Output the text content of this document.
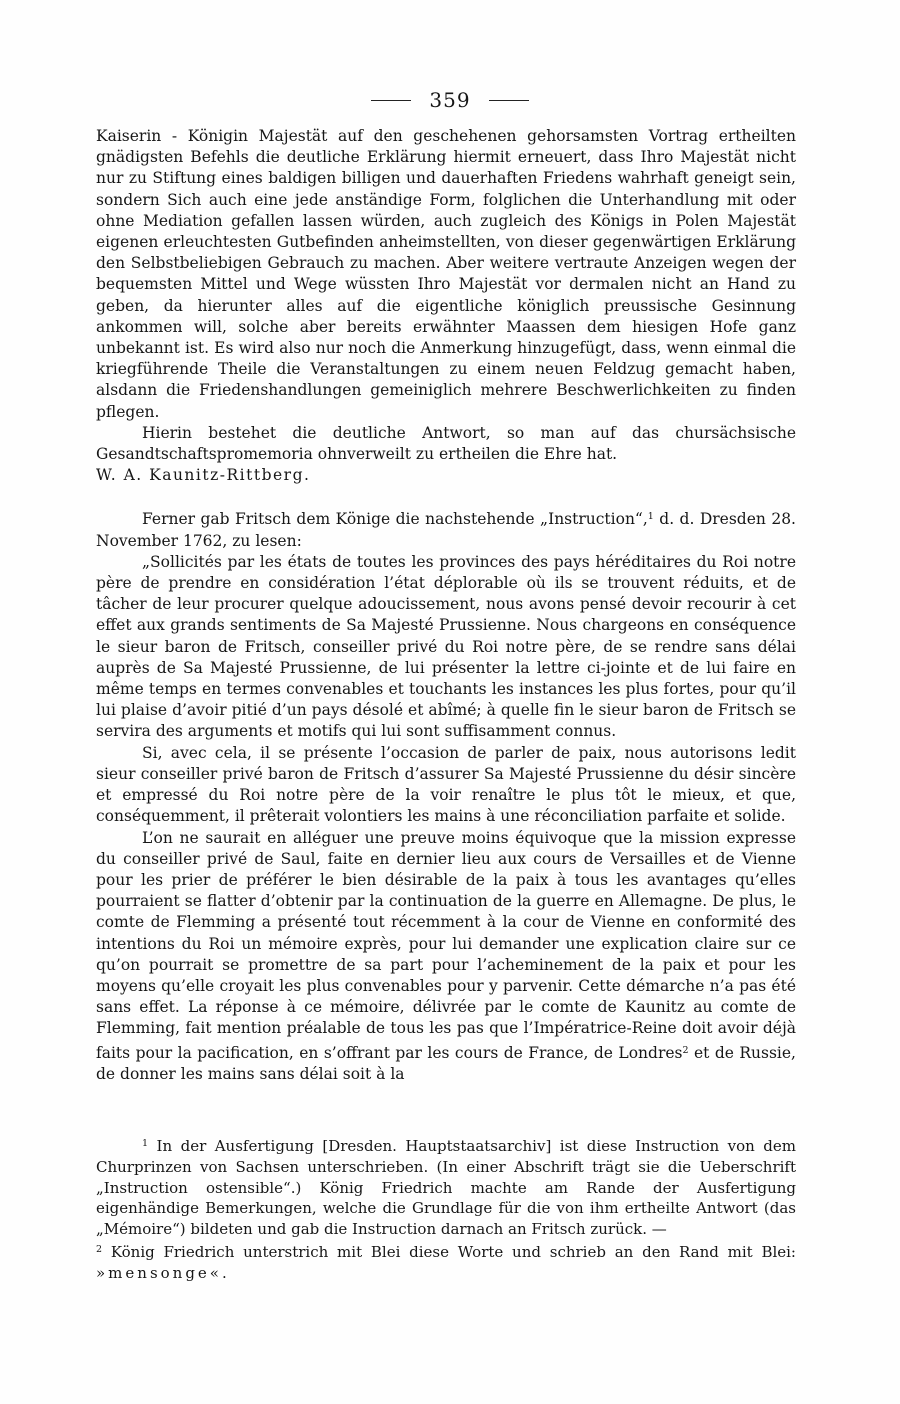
359

Kaiserin - Königin Majestät auf den geschehenen gehorsamsten Vortrag ertheilten gnädigsten Befehls die deutliche Erklärung hiermit erneuert, dass Ihro Majestät nicht nur zu Stiftung eines baldigen billigen und dauerhaften Friedens wahrhaft geneigt sein, sondern Sich auch eine jede anständige Form, folglichen die Unterhandlung mit oder ohne Mediation gefallen lassen würden, auch zugleich des Königs in Polen Majestät eigenen erleuchtesten Gutbefinden anheimstellten, von dieser gegenwärtigen Erklärung den Selbstbeliebigen Gebrauch zu machen. Aber weitere vertraute Anzeigen wegen der bequemsten Mittel und Wege wüssten Ihro Majestät vor dermalen nicht an Hand zu geben, da hierunter alles auf die eigentliche königlich preussische Gesinnung ankommen will, solche aber bereits erwähnter Maassen dem hiesigen Hofe ganz unbekannt ist. Es wird also nur noch die Anmerkung hinzugefügt, dass, wenn einmal die kriegführende Theile die Veranstaltungen zu einem neuen Feldzug gemacht haben, alsdann die Friedenshandlungen gemeiniglich mehrere Beschwerlichkeiten zu finden pflegen.

Hierin bestehet die deutliche Antwort, so man auf das chursächsische Gesandtschaftspromemoria ohnverweilt zu ertheilen die Ehre hat.

W. A. Kaunitz-Rittberg.

Ferner gab Fritsch dem Könige die nachstehende „Instruction“,$^1$ d. d. Dresden 28. November 1762, zu lesen:

„Sollicités par les états de toutes les provinces des pays héréditaires du Roi notre père de prendre en considération l’état déplorable où ils se trouvent réduits, et de tâcher de leur procurer quelque adoucissement, nous avons pensé devoir recourir à cet effet aux grands sentiments de Sa Majesté Prussienne. Nous chargeons en conséquence le sieur baron de Fritsch, conseiller privé du Roi notre père, de se rendre sans délai auprès de Sa Majesté Prussienne, de lui présenter la lettre ci-jointe et de lui faire en même temps en termes convenables et touchants les instances les plus fortes, pour qu’il lui plaise d’avoir pitié d’un pays désolé et abîmé; à quelle fin le sieur baron de Fritsch se servira des arguments et motifs qui lui sont suffisamment connus.

Si, avec cela, il se présente l’occasion de parler de paix, nous autorisons ledit sieur conseiller privé baron de Fritsch d’assurer Sa Majesté Prussienne du désir sincère et empressé du Roi notre père de la voir renaître le plus tôt le mieux, et que, conséquemment, il prêterait volontiers les mains à une réconciliation parfaite et solide.

L’on ne saurait en alléguer une preuve moins équivoque que la mission expresse du conseiller privé de Saul, faite en dernier lieu aux cours de Versailles et de Vienne pour les prier de préférer le bien désirable de la paix à tous les avantages qu’elles pourraient se flatter d’obtenir par la continuation de la guerre en Allemagne. De plus, le comte de Flemming a présenté tout récemment à la cour de Vienne en conformité des intentions du Roi un mémoire exprès, pour lui demander une explication claire sur ce qu’on pourrait se promettre de sa part pour l’acheminement de la paix et pour les moyens qu’elle croyait les plus convenables pour y parvenir. Cette démarche n’a pas été sans effet. La réponse à ce mémoire, délivrée par le comte de Kaunitz au comte de Flemming, fait mention préalable de tous les pas que l’Impératrice-Reine doit avoir déjà faits pour la pacification, en s’offrant par les cours de France, de Londres$^2$ et de Russie, de donner les mains sans délai soit à la

$^1$ In der Ausfertigung [Dresden. Hauptstaatsarchiv] ist diese Instruction von dem Churprinzen von Sachsen unterschrieben. (In einer Abschrift trägt sie die Ueberschrift „Instruction ostensible“.) König Friedrich machte am Rande der Ausfertigung eigenhändige Bemerkungen, welche die Grundlage für die von ihm ertheilte Antwort (das „Mémoire“) bildeten und gab die Instruction darnach an Fritsch zurück. —
$^2$ König Friedrich unterstrich mit Blei diese Worte und schrieb an den Rand mit Blei: »mensonge«.
